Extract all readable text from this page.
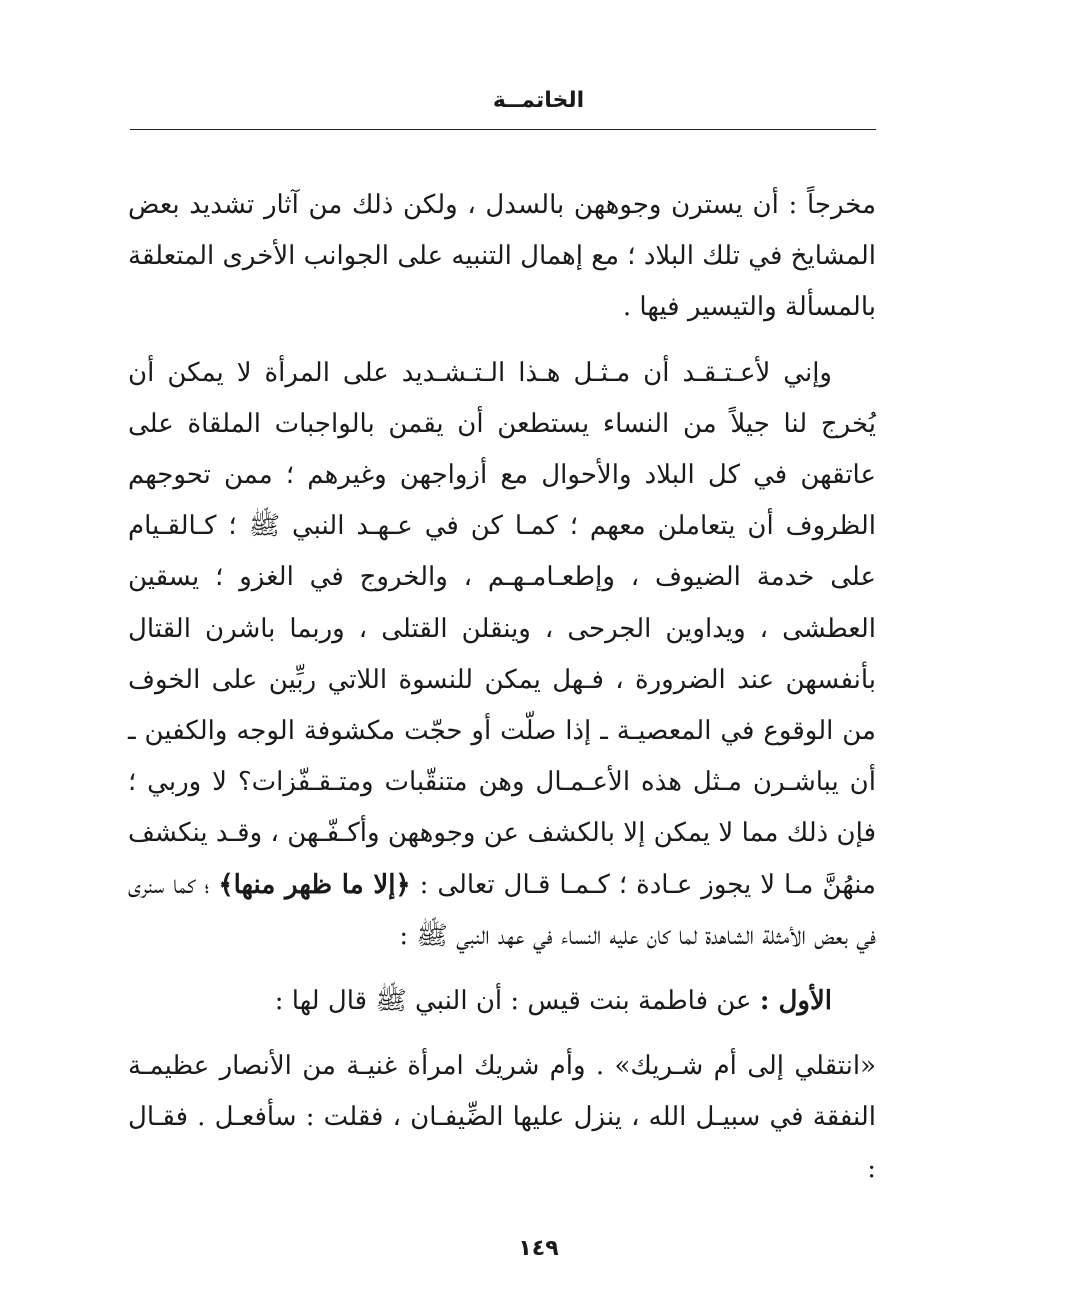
الخاتمــة

مخرجاً : أن يسترن وجوههن بالسدل ، ولكن ذلك من آثار تشديد بعض المشايخ في تلك البلاد ؛ مع إهمال التنبيه على الجوانب الأخرى المتعلقة بالمسألة والتيسير فيها .

وإني لأعـتـقـد أن مـثـل هـذا الـتـشـديد على المرأة لا يمكن أن يُخرج لنا جيلاً من النساء يستطعن أن يقمن بالواجبات الملقاة على عاتقهن في كل البلاد والأحوال مع أزواجهن وغيرهم ؛ ممن تحوجهم الظروف أن يتعاملن معهم ؛ كمـا كن في عـهـد النبي ﷺ ؛ كـالقـيام على خدمة الضيوف ، وإطعـامـهـم ، والخروج في الغزو ؛ يسقين العطشى ، ويداوين الجرحى ، وينقلن القتلى ، وربما باشرن القتال بأنفسهن عند الضرورة ، فـهل يمكن للنسوة اللاتي ربِّين على الخوف من الوقوع في المعصيـة ـ إذا صلّت أو حجّت مكشوفة الوجه والكفين ـ أن يباشـرن مـثل هذه الأعـمـال وهن متنقّبات ومتـقـفّزات؟ لا وربي ؛ فإن ذلك مما لا يمكن إلا بالكشف عن وجوههن وأكـفّـهن ، وقـد ينكشف منهُنَّ مـا لا يجوز عـادة ؛ كـمـا قـال تعالى : ﴿إلا ما ظهر منها﴾ ؛ كما سنرى في بعض الأمثلة الشاهدة لما كان عليه النساء في عهد النبي ﷺ :

الأول : عن فاطمة بنت قيس : أن النبي ﷺ قال لها :

«انتقلي إلى أم شـريك» . وأم شريك امرأة غنيـة من الأنصار عظيمـة النفقة في سبيـل الله ، ينزل عليها الضِّيفـان ، فقلت : سأفعـل . فقـال :

١٤٩
